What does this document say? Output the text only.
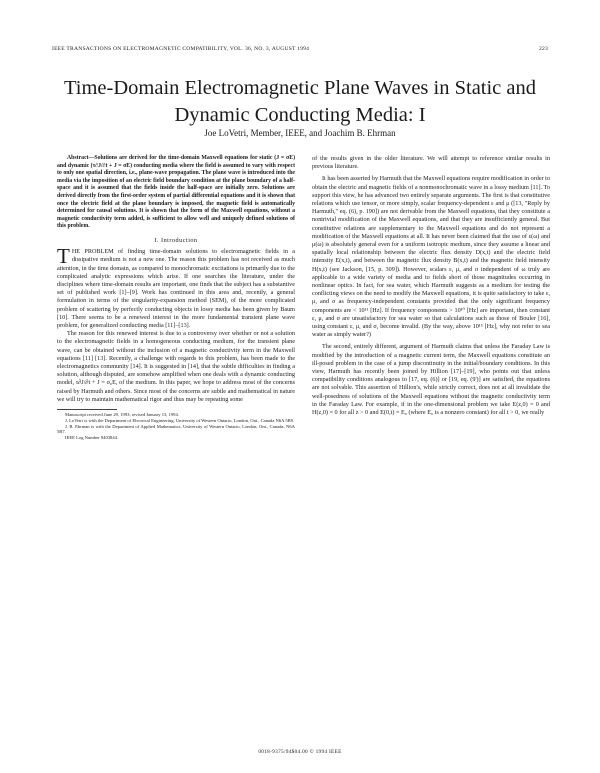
IEEE TRANSACTIONS ON ELECTROMAGNETIC COMPATIBILITY, VOL. 36, NO. 3, AUGUST 1994	223
Time-Domain Electromagnetic Plane Waves in Static and Dynamic Conducting Media: I
Joe LoVetri, Member, IEEE, and Joachim B. Ehrman

Abstract—Solutions are derived for the time-domain Maxwell equations for static (J = σE) and dynamic (τ∂J/∂t + J = σE) conducting media where the field is assumed to vary with respect to only one spatial direction, i.e., plane-wave propagation. The plane wave is introduced into the media via the imposition of an electric field boundary condition at the plane boundary of a half-space and it is assumed that the fields inside the half-space are initially zero. Solutions are derived directly from the first-order system of partial differential equations and it is shown that once the electric field at the plane boundary is imposed, the magnetic field is automatically determined for causal solutions. It is shown that the form of the Maxwell equations, without a magnetic conductivity term added, is sufficient to allow well and uniquely defined solutions of this problem.

I. Introduction

THE PROBLEM of finding time-domain solutions to electromagnetic fields in a dissipative medium is not a new one. The reason this problem has not received as much attention, in the time domain, as compared to monochromatic excitations is primarily due to the complicated analytic expressions which arise. If one searches the literature, under the disciplines where time-domain results are important, one finds that the subject has a substantive set of published work [1]–[9]. Work has continued in this area and, recently, a general formulation in terms of the singularity-expansion method (SEM), of the more complicated problem of scattering by perfectly conducting objects in lossy media has been given by Baum [10]. There seems to be a renewed interest in the more fundamental transient plane wave problem, for generalized conducting media [11]–[13].

The reason for this renewed interest is due to a controversy over whether or not a solution to the electromagnetic fields in a homogeneous conducting medium, for the transient plane wave, can be obtained without the inclusion of a magnetic conductivity term in the Maxwell equations [11] [13]. Recently, a challenge with regards to this problem, has been made to the electromagnetics community [14]. It is suggested in [14], that the subtle difficulties in finding a solution, although disputed, are somehow amplified when one deals with a dynamic conducting model, τ∂J/∂t + J = σ₀E, of the medium. In this paper, we hope to address most of the concerns raised by Harmuth and others. Since most of the concerns are subtle and mathematical in nature we will try to maintain mathematical rigor and thus may be repeating some

Manuscript received June 29, 1993; revised January 13, 1994.

J. LoVetri is with the Department of Electrical Engineering, University of Western Ontario, London, Ont., Canada N6A 5B9.

J. B. Ehrman is with the Department of Applied Mathematics, University of Western Ontario, London, Ont., Canada, N6A 5B7.

IEEE Log Number 9403844.

of the results given in the older literature. We will attempt to reference similar results in previous literature.

It has been asserted by Harmuth that the Maxwell equations require modification in order to obtain the electric and magnetic fields of a nonmonochromatic wave in a lossy medium [11]. To support this view, he has advanced two entirely separate arguments. The first is that constitutive relations which use tensor, or more simply, scalar frequency-dependent ε and μ ([13, "Reply by Harmuth," eq. (6), p. 190]) are not derivable from the Maxwell equations, that they constitute a nontrivial modification of the Maxwell equations, and that they are insufficiently general. But constitutive relations are supplementary to the Maxwell equations and do not represent a modification of the Maxwell equations at all. It has never been claimed that the use of ε(ω) and μ(ω) is absolutely general even for a uniform isotropic medium, since they assume a linear and spatially local relationship between the electric flux density D(x,t) and the electric field intensity E(x,t), and between the magnetic flux density B(x,t) and the magnetic field intensity H(x,t) (see Jackson, [15, p. 309]). However, scalars ε, μ, and σ independent of ω truly are applicable to a wide variety of media and to fields short of those magnitudes occurring in nonlinear optics. In fact, for sea water, which Harmuth suggests as a medium for testing the conflicting views on the need to modify the Maxwell equations, it is quite satisfactory to take ε, μ, and σ as frequency-independent constants provided that the only significant frequency components are < 10¹¹ [Hz]. If frequency components > 10¹⁰ [Hz] are important, then constant ε, μ, and σ are unsatisfactory for sea water so that calculations such as those of Bouler [16], using constant ε, μ, and σ, become invalid. (By the way, above 10¹⁵ [Hz], why not refer to sea water as simply water?)

The second, entirely different, argument of Harmuth claims that unless the Faraday Law is modified by the introduction of a magnetic current term, the Maxwell equations constitute an ill-posed problem in the case of a jump discontinuity in the initial/boundary conditions. In this view, Harmuth has recently been joined by Hillion [17]–[19], who points out that unless compatibility conditions analogous to [17, eq. (6)] or [19, eq. (9')] are satisfied, the equations are not solvable. This assertion of Hillion's, while strictly correct, does not at all invalidate the well-posedness of solutions of the Maxwell equations without the magnetic conductivity term in the Faraday Law. For example, if in the one-dimensional problem we take E(z,0) = 0 and H(z,0) = 0 for all z > 0 and E(0,t) = E₀ (where E₀ is a nonzero constant) for all t > 0, we really

0018-9375/94$04.00 © 1994 IEEE
